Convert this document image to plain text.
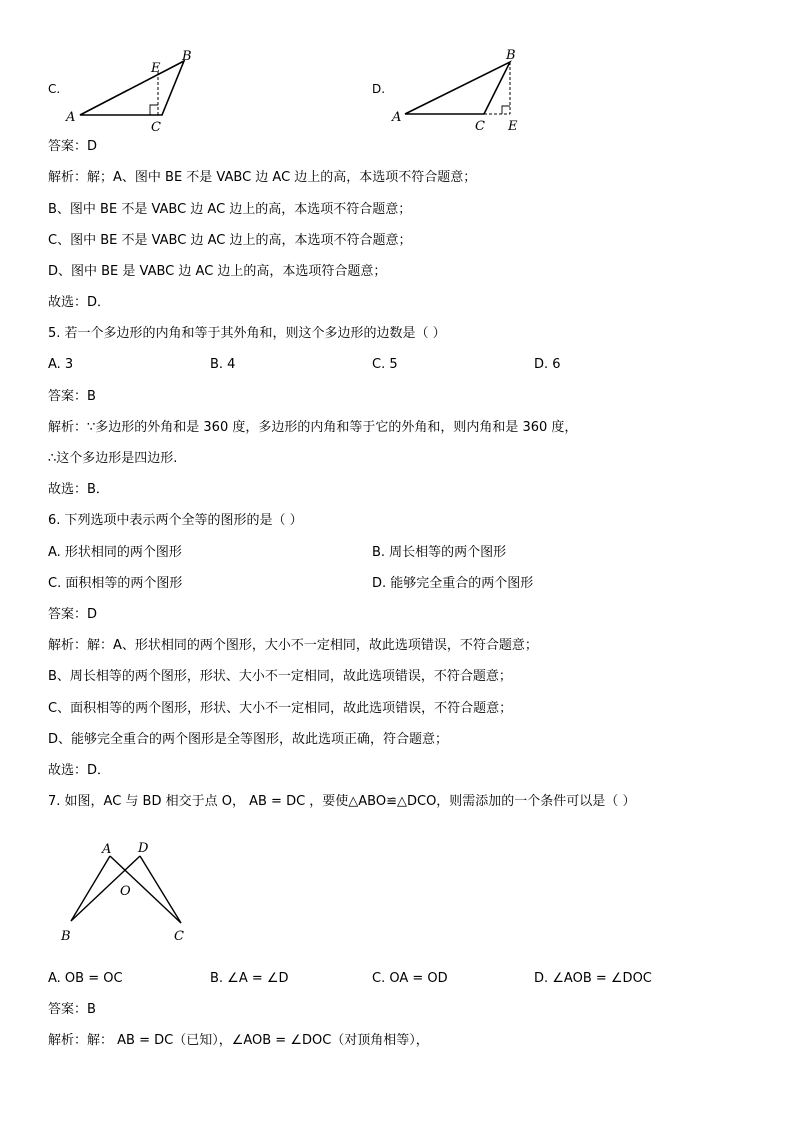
C.
A
B
C
E
D.
A
B
C E
答案：D
解析：解；A、图中 BE 不是 VABC 边 AC 边上的高，本选项不符合题意；
B、图中 BE 不是 VABC 边 AC 边上的高，本选项不符合题意；
C、图中 BE 不是 VABC 边 AC 边上的高，本选项不符合题意；
D、图中 BE 是 VABC 边 AC 边上的高，本选项符合题意；
故选：D．
5. 若一个多边形的内角和等于其外角和，则这个多边形的边数是（ ）
A. 3	B. 4	C. 5	D. 6
答案：B
解析：∵多边形的外角和是 360 度，多边形的内角和等于它的外角和，则内角和是 360 度，
∴这个多边形是四边形.
故选：B．
6. 下列选项中表示两个全等的图形的是（ ）
A. 形状相同的两个图形	B. 周长相等的两个图形
C. 面积相等的两个图形	D. 能够完全重合的两个图形
答案：D
解析：解：A、形状相同的两个图形，大小不一定相同，故此选项错误，不符合题意；
B、周长相等的两个图形，形状、大小不一定相同，故此选项错误，不符合题意；
C、面积相等的两个图形，形状、大小不一定相同，故此选项错误，不符合题意；
D、能够完全重合的两个图形是全等图形，故此选项正确，符合题意；
故选：D．
7. 如图，AC 与 BD 相交于点 O， AB = DC ，要使△ABO≌△DCO，则需添加的一个条件可以是（ ）
A D
O
B	C
A. OB = OC	B. ∠A = ∠D	C. OA = OD	D. ∠AOB = ∠DOC
答案：B
解析：解： AB = DC（已知），∠AOB = ∠DOC（对顶角相等），
